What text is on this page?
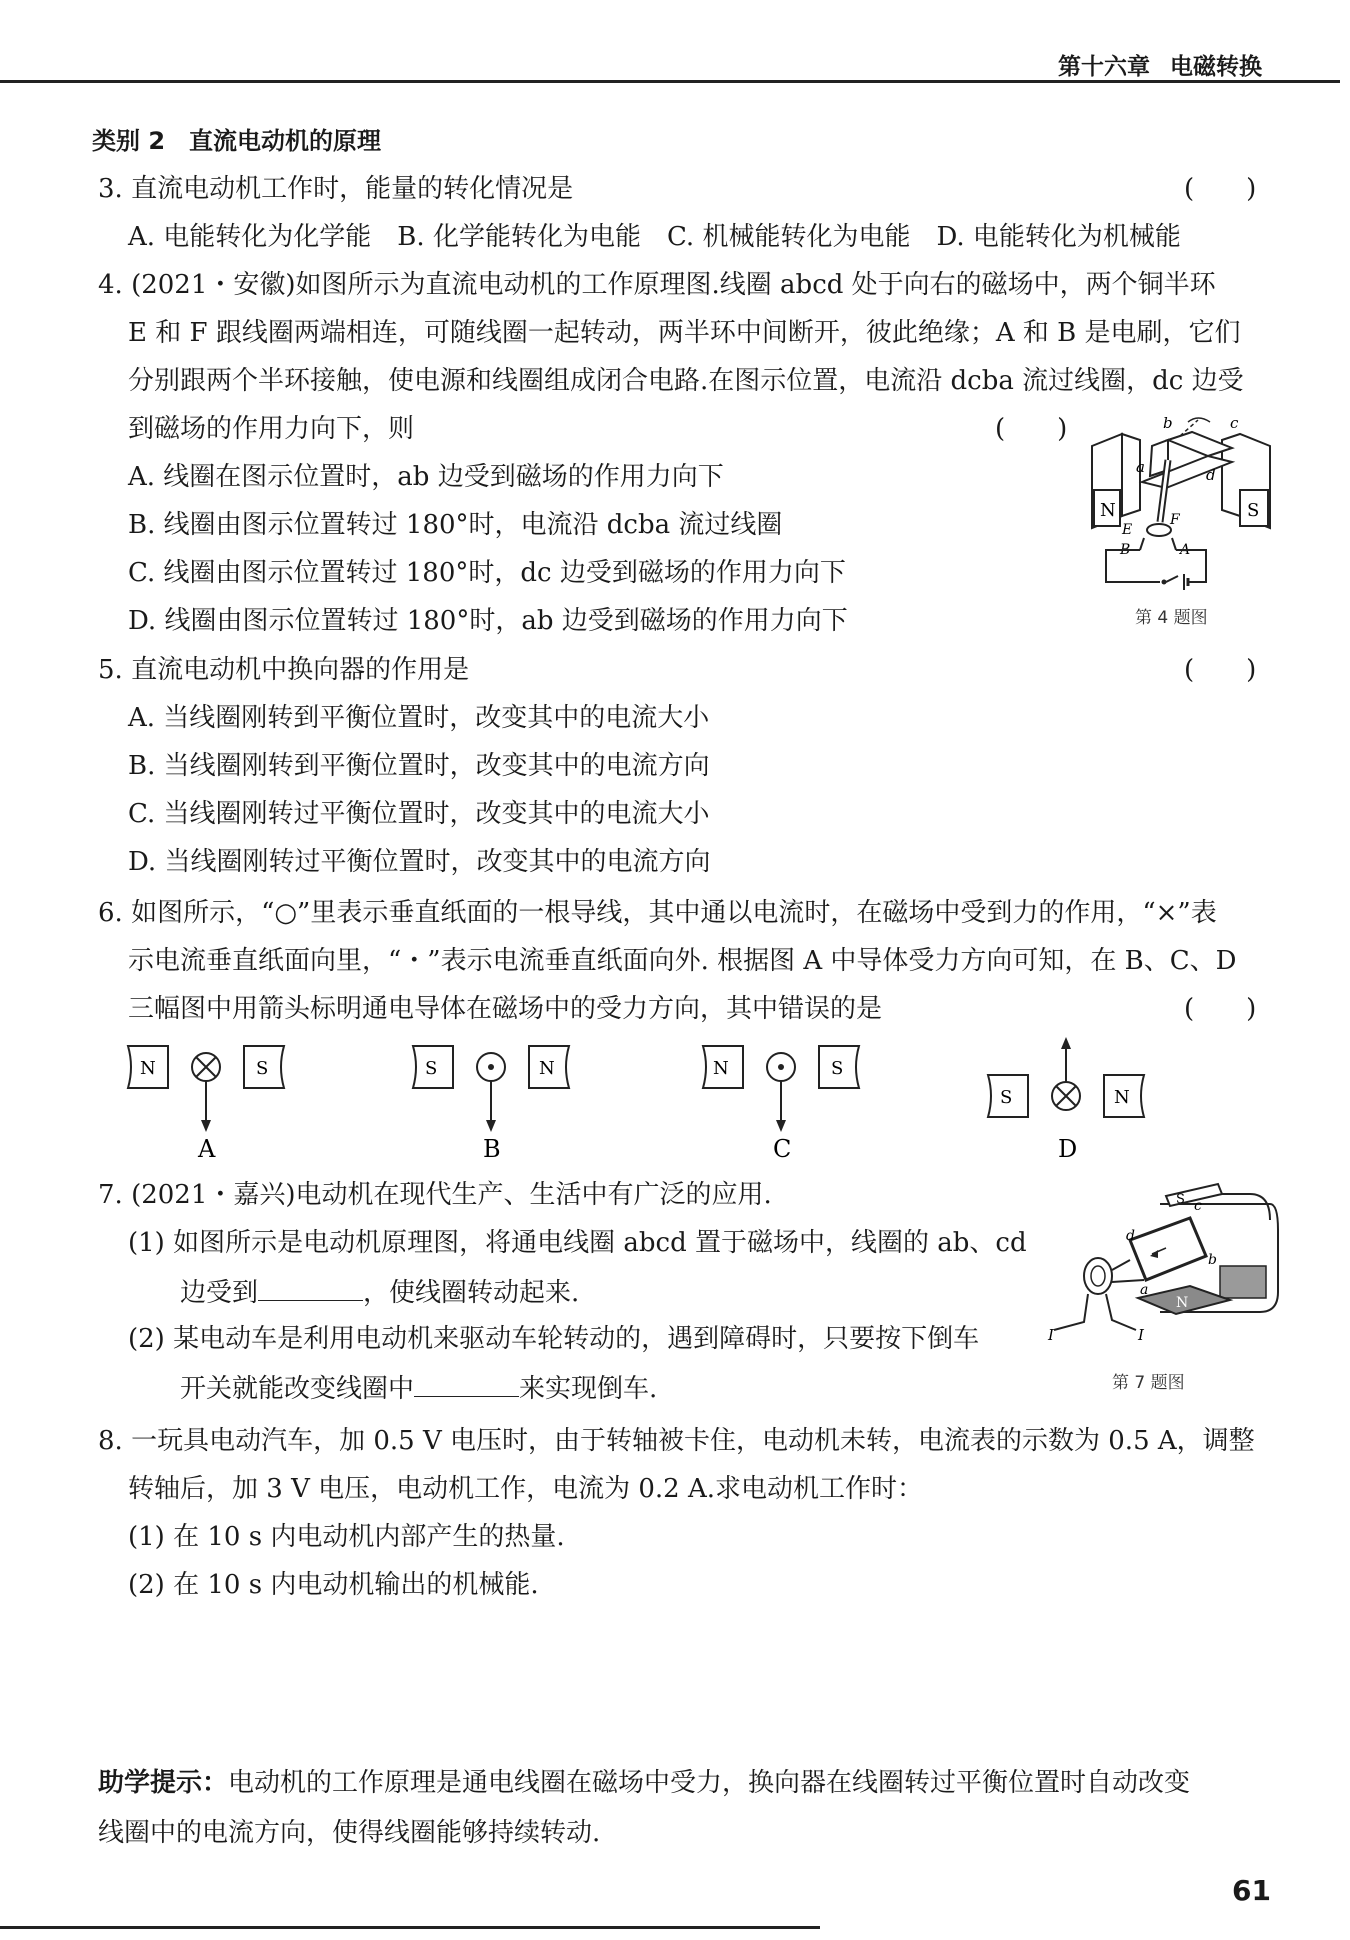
第十六章 电磁转换
类别 2　直流电动机的原理
3. 直流电动机工作时，能量的转化情况是	(　　)
A. 电能转化为化学能　B. 化学能转化为电能　C. 机械能转化为电能　D. 电能转化为机械能
4. (2021・安徽)如图所示为直流电动机的工作原理图.线圈 abcd 处于向右的磁场中，两个铜半环
E 和 F 跟线圈两端相连，可随线圈一起转动，两半环中间断开，彼此绝缘；A 和 B 是电刷，它们
分别跟两个半环接触，使电源和线圈组成闭合电路.在图示位置，电流沿 dcba 流过线圈，dc 边受
到磁场的作用力向下，则	(　　)
A. 线圈在图示位置时，ab 边受到磁场的作用力向下
B. 线圈由图示位置转过 180°时，电流沿 dcba 流过线圈
C. 线圈由图示位置转过 180°时，dc 边受到磁场的作用力向下
D. 线圈由图示位置转过 180°时，ab 边受到磁场的作用力向下
N	S
b	c
a	d
E
F
B	A
第 4 题图
5. 直流电动机中换向器的作用是	(　　)
A. 当线圈刚转到平衡位置时，改变其中的电流大小
B. 当线圈刚转到平衡位置时，改变其中的电流方向
C. 当线圈刚转过平衡位置时，改变其中的电流大小
D. 当线圈刚转过平衡位置时，改变其中的电流方向
6. 如图所示，“○”里表示垂直纸面的一根导线，其中通以电流时，在磁场中受到力的作用，“×”表
示电流垂直纸面向里，“・”表示电流垂直纸面向外. 根据图 A 中导体受力方向可知，在 B、C、D
三幅图中用箭头标明通电导体在磁场中的受力方向，其中错误的是	(　　)
N	S
A
S	N
B
N	S
C
S	N
D
7. (2021・嘉兴)电动机在现代生产、生活中有广泛的应用.
(1) 如图所示是电动机原理图，将通电线圈 abcd 置于磁场中，线圈的 ab、cd
边受到	，使线圈转动起来.
(2) 某电动车是利用电动机来驱动车轮转动的，遇到障碍时，只要按下倒车
开关就能改变线圈中	来实现倒车.
S
N
d
c
b
a
I	I
第 7 题图
8. 一玩具电动汽车，加 0.5 V 电压时，由于转轴被卡住，电动机未转，电流表的示数为 0.5 A，调整
转轴后，加 3 V 电压，电动机工作，电流为 0.2 A.求电动机工作时：
(1) 在 10 s 内电动机内部产生的热量.
(2) 在 10 s 内电动机输出的机械能.
助学提示：电动机的工作原理是通电线圈在磁场中受力，换向器在线圈转过平衡位置时自动改变
线圈中的电流方向，使得线圈能够持续转动.
61
